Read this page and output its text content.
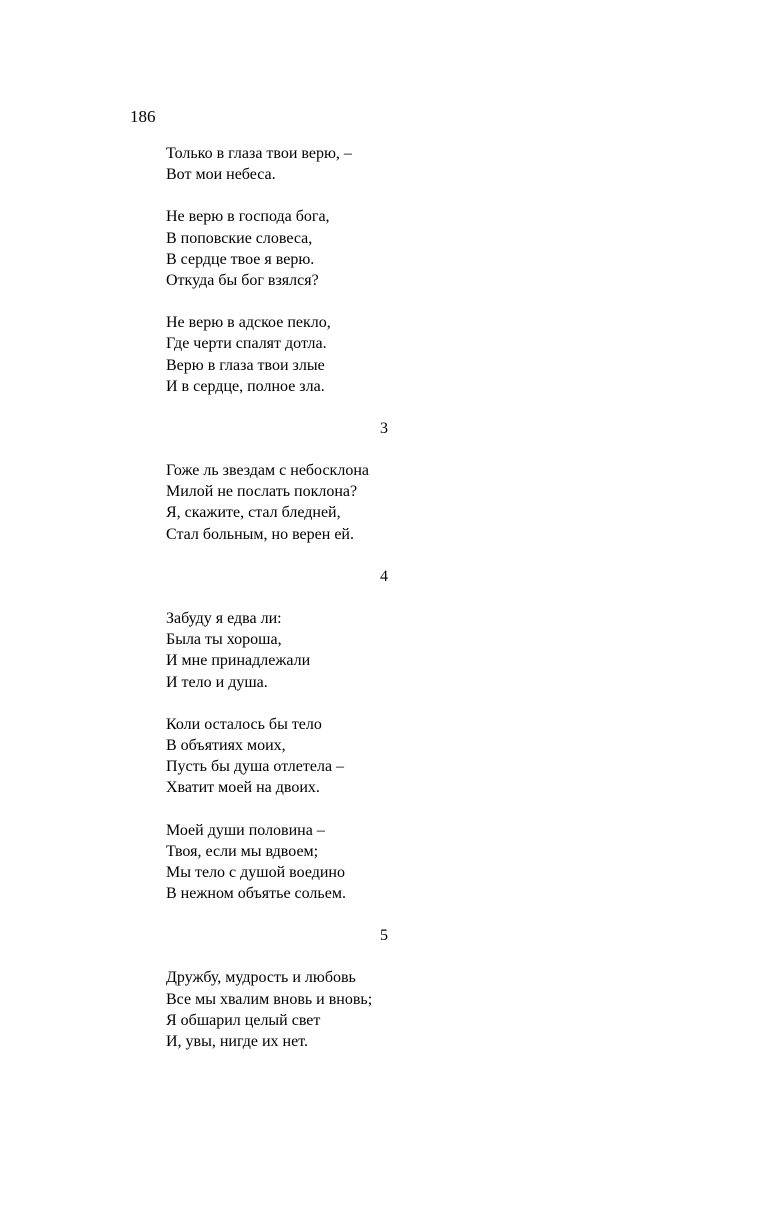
186
Только в глаза твои верю, –
Вот мои небеса.
Не верю в господа бога,
В поповские словеса,
В сердце твое я верю.
Откуда бы бог взялся?
Не верю в адское пекло,
Где черти спалят дотла.
Верю в глаза твои злые
И в сердце, полное зла.
3
Гоже ль звездам с небосклона
Милой не послать поклона?
Я, скажите, стал бледней,
Стал больным, но верен ей.
4
Забуду я едва ли:
Была ты хороша,
И мне принадлежали
И тело и душа.
Коли осталось бы тело
В объятиях моих,
Пусть бы душа отлетела –
Хватит моей на двоих.
Моей души половина –
Твоя, если мы вдвоем;
Мы тело с душой воедино
В нежном объятье сольем.
5
Дружбу, мудрость и любовь
Все мы хвалим вновь и вновь;
Я обшарил целый свет
И, увы, нигде их нет.
